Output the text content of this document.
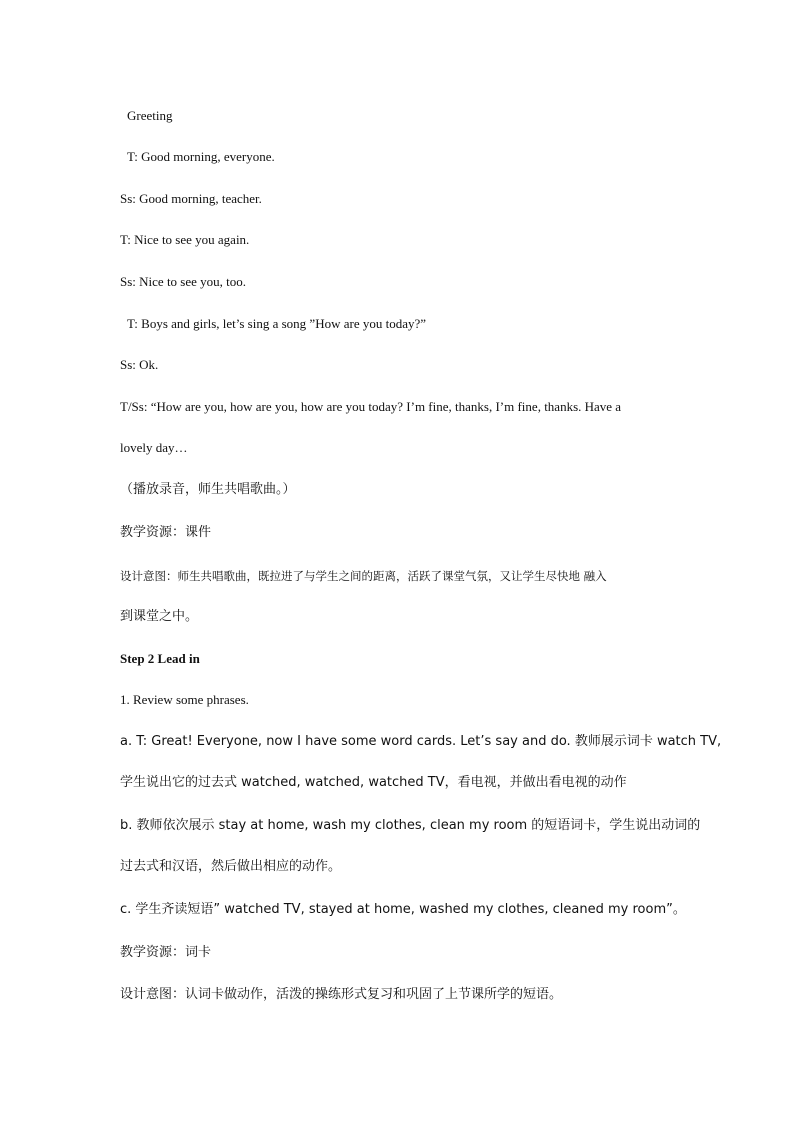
Greeting
T: Good morning, everyone.
Ss: Good morning, teacher.
T: Nice to see you again.
Ss: Nice to see you, too.
T: Boys and girls, let’s sing a song ”How are you today?”
Ss: Ok.
T/Ss: “How are you, how are you, how are you today? I’m fine, thanks, I’m fine, thanks. Have a
lovely day…
（播放录音，师生共唱歌曲。）
教学资源：课件
设计意图：师生共唱歌曲，既拉进了与学生之间的距离，活跃了课堂气氛，又让学生尽快地 融入
到课堂之中。
Step 2 Lead in
1. Review some phrases.
a. T: Great! Everyone, now I have some word cards. Let’s say and do. 教师展示词卡 watch TV,
学生说出它的过去式 watched, watched, watched TV，看电视，并做出看电视的动作
b. 教师依次展示 stay at home, wash my clothes, clean my room 的短语词卡，学生说出动词的
过去式和汉语，然后做出相应的动作。
c. 学生齐读短语” watched TV, stayed at home, washed my clothes, cleaned my room”。
教学资源：词卡
设计意图：认词卡做动作，活泼的操练形式复习和巩固了上节课所学的短语。
